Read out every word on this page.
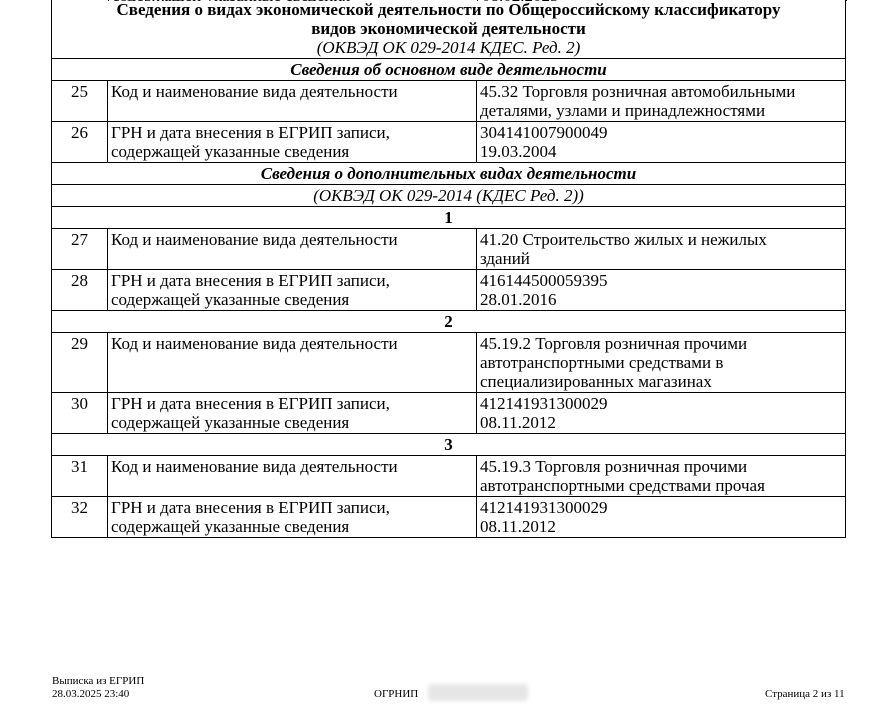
Сведения о видах экономической деятельности по Общероссийскому классификатору
видов экономической деятельности
(ОКВЭД ОК 029-2014 КДЕС. Ред. 2)		

Сведения об основном виде деятельности		
25	Код и наименование вида деятельности	45.32 Торговля розничная автомобильными
деталями, узлами и принадлежностями

26	ГРН и дата внесения в ЕГРИП записи,
содержащей указанные сведения	304141007900049
19.03.2004

Сведения о дополнительных видах деятельности		
(ОКВЭД ОК 029-2014 (КДЕС Ред. 2))		
1		
27	Код и наименование вида деятельности	41.20 Строительство жилых и нежилых
зданий

28	ГРН и дата внесения в ЕГРИП записи,
содержащей указанные сведения	416144500059395
28.01.2016

2		
29	Код и наименование вида деятельности	45.19.2 Торговля розничная прочими
автотранспортными средствами в
специализированных магазинах

30	ГРН и дата внесения в ЕГРИП записи,
содержащей указанные сведения	412141931300029
08.11.2012

3		
31	Код и наименование вида деятельности	45.19.3 Торговля розничная прочими
автотранспортными средствами прочая

32	ГРН и дата внесения в ЕГРИП записи,
содержащей указанные сведения	412141931300029
08.11.2012
Выписка из ЕГРИП
28.03.2025 23:40	ОГРНИП	Страница 2 из 11
